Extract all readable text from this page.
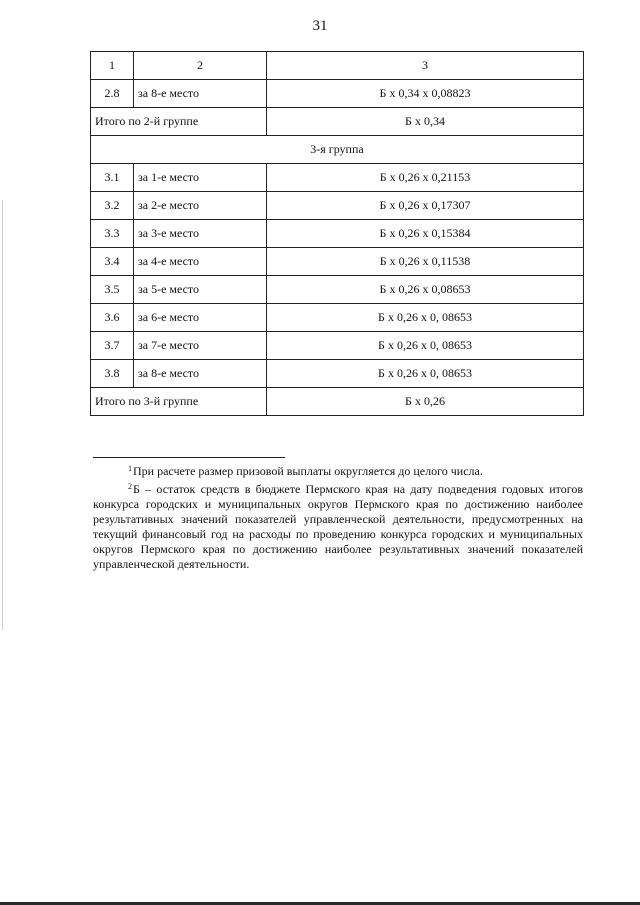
31
1	2	3
2.8	за 8-е место	Б х 0,34 х 0,08823
Итого по 2-й группе		Б х 0,34
3-я группа		
3.1	за 1-е место	Б х 0,26 х 0,21153
3.2	за 2-е место	Б х 0,26 х 0,17307
3.3	за 3-е место	Б х 0,26 х 0,15384
3.4	за 4-е место	Б х 0,26 х 0,11538
3.5	за 5-е место	Б х 0,26 х 0,08653
3.6	за 6-е место	Б х 0,26 х 0, 08653
3.7	за 7-е место	Б х 0,26 х 0, 08653
3.8	за 8-е место	Б х 0,26 х 0, 08653
Итого по 3-й группе		Б х 0,26

$^1$При расчете размер призовой выплаты округляется до целого числа.

$^2$Б – остаток средств в бюджете Пермского края на дату подведения годовых итогов конкурса городских и муниципальных округов Пермского края по достижению наиболее результативных значений показателей управленческой деятельности, предусмотренных на текущий финансовый год на расходы по проведению конкурса городских и муниципальных округов Пермского края по достижению наиболее результативных значений показателей управленческой деятельности.
